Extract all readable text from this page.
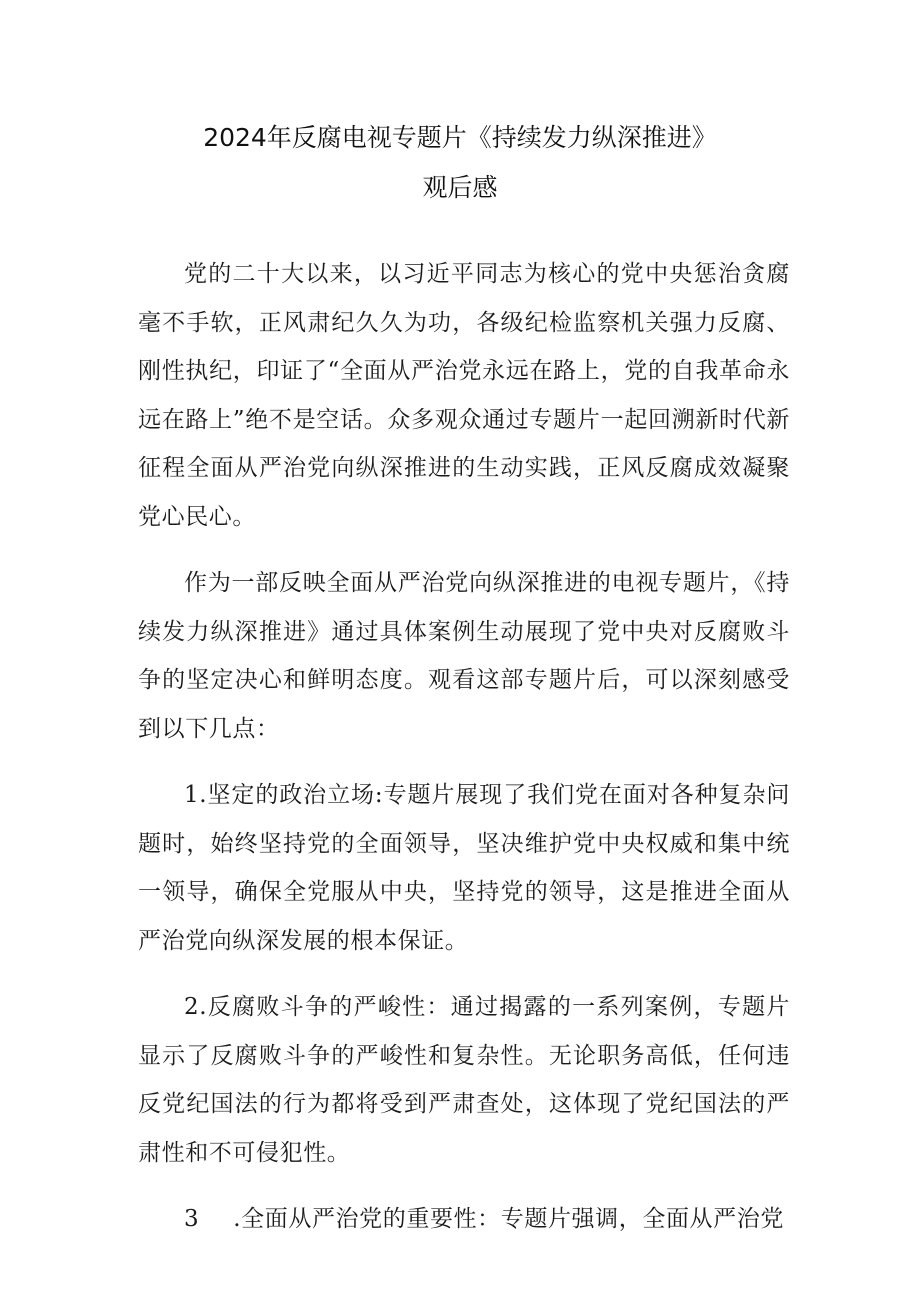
2024年反腐电视专题片《持续发力纵深推进》
观后感

党的二十大以来，以习近平同志为核心的党中央惩治贪腐毫不手软，正风肃纪久久为功，各级纪检监察机关强力反腐、刚性执纪，印证了“全面从严治党永远在路上，党的自我革命永远在路上”绝不是空话。众多观众通过专题片一起回溯新时代新征程全面从严治党向纵深推进的生动实践，正风反腐成效凝聚党心民心。

作为一部反映全面从严治党向纵深推进的电视专题片，《持续发力纵深推进》通过具体案例生动展现了党中央对反腐败斗争的坚定决心和鲜明态度。观看这部专题片后，可以深刻感受到以下几点：

1.坚定的政治立场:专题片展现了我们党在面对各种复杂问题时，始终坚持党的全面领导，坚决维护党中央权威和集中统一领导，确保全党服从中央，坚持党的领导，这是推进全面从严治党向纵深发展的根本保证。

2.反腐败斗争的严峻性：通过揭露的一系列案例，专题片显示了反腐败斗争的严峻性和复杂性。无论职务高低，任何违反党纪国法的行为都将受到严肃查处，这体现了党纪国法的严肃性和不可侵犯性。

3 .全面从严治党的重要性：专题片强调，全面从严治党
